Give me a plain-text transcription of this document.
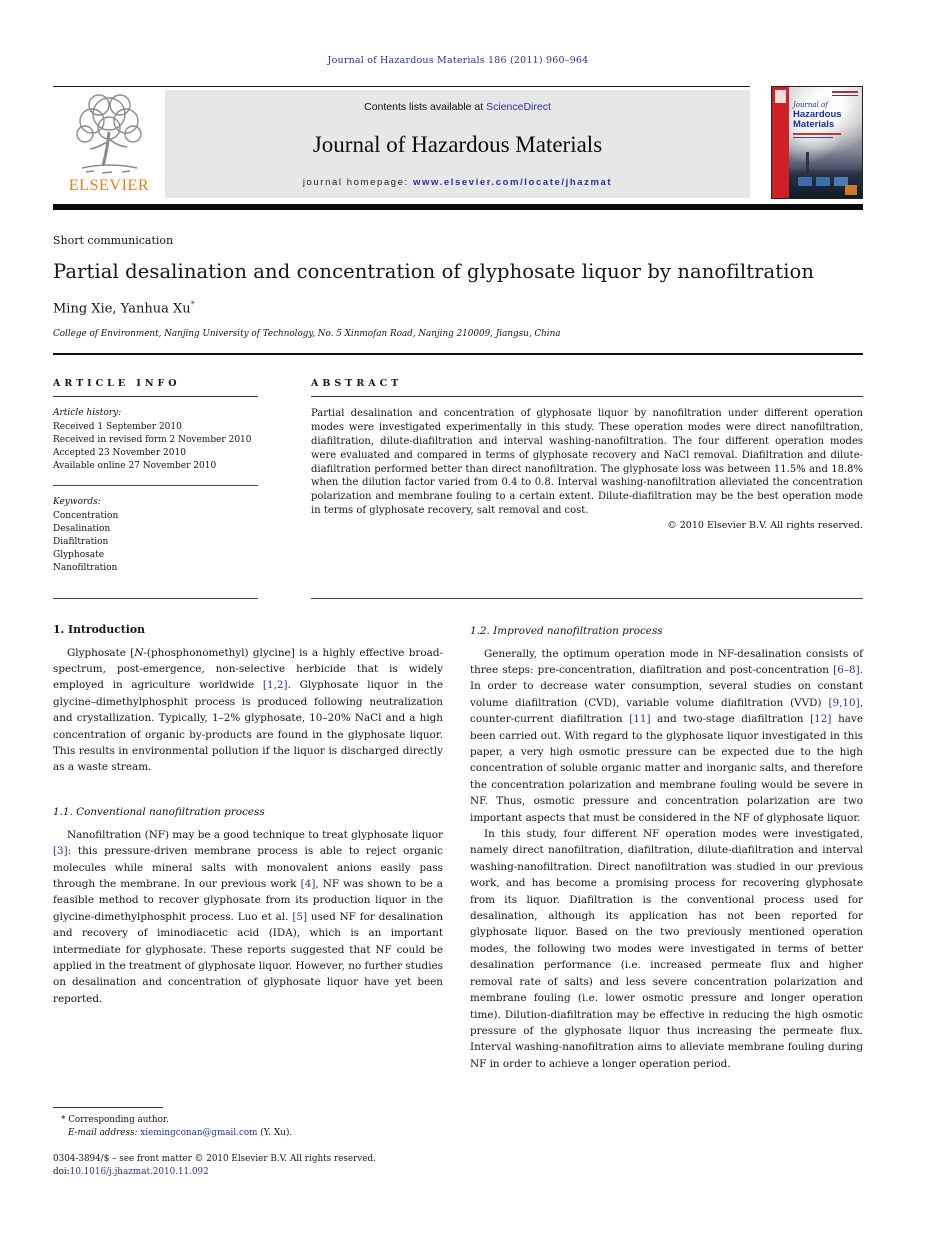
Journal of Hazardous Materials 186 (2011) 960–964
ELSEVIER
Contents lists available at ScienceDirect
Journal of Hazardous Materials
journal homepage: www.elsevier.com/locate/jhazmat
Journal of
Hazardous
Materials
Short communication
Partial desalination and concentration of glyphosate liquor by nanofiltration
Ming Xie, Yanhua Xu*
College of Environment, Nanjing University of Technology, No. 5 Xinmofan Road, Nanjing 210009, Jiangsu, China
ARTICLE INFO
Article history:
Received 1 September 2010
Received in revised form 2 November 2010
Accepted 23 November 2010
Available online 27 November 2010
Keywords:
Concentration
Desalination
Diafiltration
Glyphosate
Nanofiltration
ABSTRACT
Partial desalination and concentration of glyphosate liquor by nanofiltration under different operation modes were investigated experimentally in this study. These operation modes were direct nanofiltration, diafiltration, dilute-diafiltration and interval washing-nanofiltration. The four different operation modes were evaluated and compared in terms of glyphosate recovery and NaCl removal. Diafiltration and dilute-diafiltration performed better than direct nanofiltration. The glyphosate loss was between 11.5% and 18.8% when the dilution factor varied from 0.4 to 0.8. Interval washing-nanofiltration alleviated the concentration polarization and membrane fouling to a certain extent. Dilute-diafiltration may be the best operation mode in terms of glyphosate recovery, salt removal and cost.
© 2010 Elsevier B.V. All rights reserved.
1. Introduction

Glyphosate [N-(phosphonomethyl) glycine] is a highly effective broad-spectrum, post-emergence, non-selective herbicide that is widely employed in agriculture worldwide [1,2]. Glyphosate liquor in the glycine–dimethylphosphit process is produced following neutralization and crystallization. Typically, 1–2% glyphosate, 10–20% NaCl and a high concentration of organic by-products are found in the glyphosate liquor. This results in environmental pollution if the liquor is discharged directly as a waste stream.

1.1. Conventional nanofiltration process

Nanofiltration (NF) may be a good technique to treat glyphosate liquor [3]: this pressure-driven membrane process is able to reject organic molecules while mineral salts with monovalent anions easily pass through the membrane. In our previous work [4], NF was shown to be a feasible method to recover glyphosate from its production liquor in the glycine-dimethylphosphit process. Luo et al. [5] used NF for desalination and recovery of iminodiacetic acid (IDA), which is an important intermediate for glyphosate. These reports suggested that NF could be applied in the treatment of glyphosate liquor. However, no further studies on desalination and concentration of glyphosate liquor have yet been reported.

* Corresponding author.
E-mail address: xiemingconan@gmail.com (Y. Xu).
0304-3894/$ – see front matter © 2010 Elsevier B.V. All rights reserved.
doi:10.1016/j.jhazmat.2010.11.092
1.2. Improved nanofiltration process

Generally, the optimum operation mode in NF-desalination consists of three steps: pre-concentration, diafiltration and post-concentration [6–8]. In order to decrease water consumption, several studies on constant volume diafiltration (CVD), variable volume diafiltration (VVD) [9,10], counter-current diafiltration [11] and two-stage diafiltration [12] have been carried out. With regard to the glyphosate liquor investigated in this paper, a very high osmotic pressure can be expected due to the high concentration of soluble organic matter and inorganic salts, and therefore the concentration polarization and membrane fouling would be severe in NF. Thus, osmotic pressure and concentration polarization are two important aspects that must be considered in the NF of glyphosate liquor.

In this study, four different NF operation modes were investigated, namely direct nanofiltration, diafiltration, dilute-diafiltration and interval washing-nanofiltration. Direct nanofiltration was studied in our previous work, and has become a promising process for recovering glyphosate from its liquor. Diafiltration is the conventional process used for desalination, although its application has not been reported for glyphosate liquor. Based on the two previously mentioned operation modes, the following two modes were investigated in terms of better desalination performance (i.e. increased permeate flux and higher removal rate of salts) and less severe concentration polarization and membrane fouling (i.e. lower osmotic pressure and longer operation time). Dilution-diafiltration may be effective in reducing the high osmotic pressure of the glyphosate liquor thus increasing the permeate flux. Interval washing-nanofiltration aims to alleviate membrane fouling during NF in order to achieve a longer operation period.
